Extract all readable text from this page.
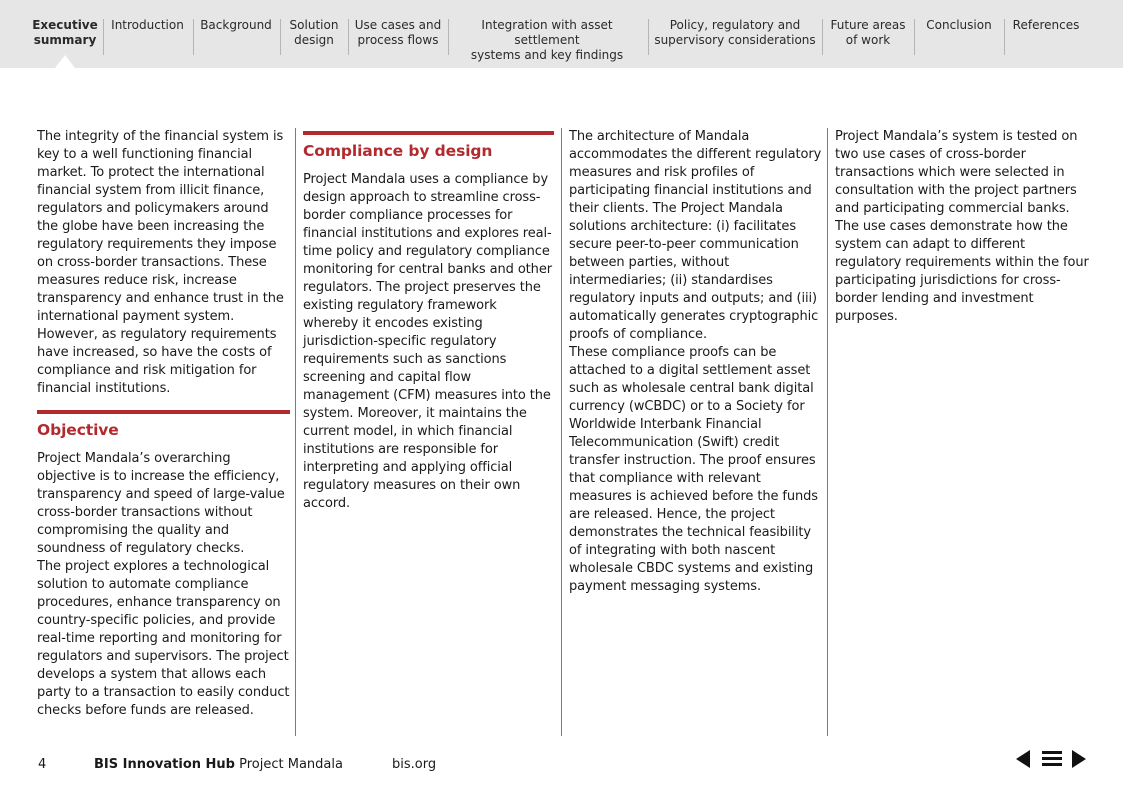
Executive
summary
Introduction	Background	Solution
design
Use cases and
process flows
Integration with asset settlement
systems and key findings
Policy, regulatory and
supervisory considerations
Future areas
of work
Conclusion	References

The integrity of the financial system is key to a well functioning financial market. To protect the international financial system from illicit finance, regulators and policymakers around the globe have been increasing the regulatory requirements they impose on cross-border transactions. These measures reduce risk, increase transparency and enhance trust in the international payment system. However, as regulatory requirements have increased, so have the costs of compliance and risk mitigation for financial institutions.

Objective

Project Mandala’s overarching objective is to increase the efficiency, transparency and speed of large-value cross-border transactions without compromising the quality and soundness of regulatory checks.

The project explores a technological solution to automate compliance procedures, enhance transparency on country-specific policies, and provide real-time reporting and monitoring for regulators and supervisors. The project develops a system that allows each party to a transaction to easily conduct checks before funds are released.

Compliance by design

Project Mandala uses a compliance by design approach to streamline cross-border compliance processes for financial institutions and explores real-time policy and regulatory compliance monitoring for central banks and other regulators. The project preserves the existing regulatory framework whereby it encodes existing jurisdiction-specific regulatory requirements such as sanctions screening and capital flow management (CFM) measures into the system. Moreover, it maintains the current model, in which financial institutions are responsible for interpreting and applying official regulatory measures on their own accord.

The architecture of Mandala accommodates the different regulatory measures and risk profiles of participating financial institutions and their clients. The Project Mandala solutions architecture: (i) facilitates secure peer-to-peer communication between parties, without intermediaries; (ii) standardises regulatory inputs and outputs; and (iii) automatically generates cryptographic proofs of compliance.

These compliance proofs can be attached to a digital settlement asset such as wholesale central bank digital currency (wCBDC) or to a Society for Worldwide Interbank Financial Telecommunication (Swift) credit transfer instruction. The proof ensures that compliance with relevant measures is achieved before the funds are released. Hence, the project demonstrates the technical feasibility of integrating with both nascent wholesale CBDC systems and existing payment messaging systems.

Project Mandala’s system is tested on two use cases of cross-border transactions which were selected in consultation with the project partners and participating commercial banks. The use cases demonstrate how the system can adapt to different regulatory requirements within the four participating jurisdictions for cross-border lending and investment purposes.

4	BIS Innovation Hub Project Mandala	bis.org
